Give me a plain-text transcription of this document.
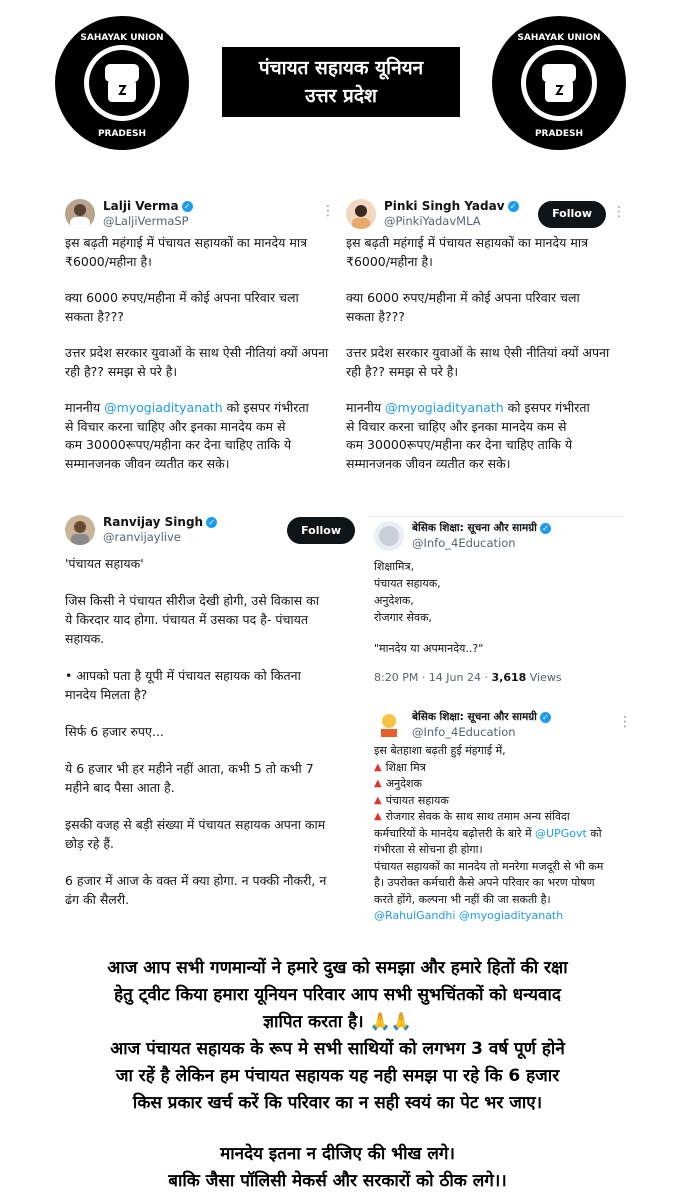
SAHAYAK UNION
PRADESH
SAHAYAK UNION
PRADESH
पंचायत सहायक यूनियन
उत्तर प्रदेश
Lalji Verma ✓
@LaljiVermaSP
⋮

इस बढ़ती महंगाई में पंचायत सहायकों का मानदेय मात्र
₹6000/महीना है।

क्या 6000 रुपए/महीना में कोई अपना परिवार चला
सकता है???

उत्तर प्रदेश सरकार युवाओं के साथ ऐसी नीतियां क्यों अपना
रही है?? समझ से परे है।

माननीय @myogiadityanath को इसपर गंभीरता
से विचार करना चाहिए और इनका मानदेय कम से
कम 30000रूपए/महीना कर देना चाहिए ताकि ये
सम्मानजनक जीवन व्यतीत कर सके।

Pinki Singh Yadav ✓
@PinkiYadavMLA
Follow	⋮

इस बढ़ती महंगाई में पंचायत सहायकों का मानदेय मात्र
₹6000/महीना है।

क्या 6000 रुपए/महीना में कोई अपना परिवार चला
सकता है???

उत्तर प्रदेश सरकार युवाओं के साथ ऐसी नीतियां क्यों अपना
रही है?? समझ से परे है।

माननीय @myogiadityanath को इसपर गंभीरता
से विचार करना चाहिए और इनका मानदेय कम से
कम 30000रूपए/महीना कर देना चाहिए ताकि ये
सम्मानजनक जीवन व्यतीत कर सके।

Ranvijay Singh ✓
@ranvijaylive	Follow

'पंचायत सहायक'

जिस किसी ने पंचायत सीरीज देखी होगी, उसे विकास का
ये किरदार याद होगा. पंचायत में उसका पद है- पंचायत
सहायक.

• आपको पता है यूपी में पंचायत सहायक को कितना
मानदेय मिलता है?

सिर्फ 6 हजार रुपए...

ये 6 हजार भी हर महीने नहीं आता, कभी 5 तो कभी 7
महीने बाद पैसा आता है.

इसकी वजह से बड़ी संख्या में पंचायत सहायक अपना काम
छोड़ रहे हैं.

6 हजार में आज के वक्त में क्या होगा. न पक्की नौकरी, न
ढंग की सैलरी.

बेसिक शिक्षा: सूचना और सामग्री ✓
@Info_4Education

शिक्षामित्र,
पंचायत सहायक,
अनुदेशक,
रोजगार सेवक,

"मानदेय या अपमानदेय..?"

8:20 PM · 14 Jun 24 · 3,618 Views
बेसिक शिक्षा: सूचना और सामग्री ✓
@Info_4Education
⋮
इस बेतहाशा बढ़ती हुई मंहगाई में,
▲ शिक्षा मित्र
▲ अनुदेशक
▲ पंचायत सहायक
▲ रोजगार सेवक के साथ साथ तमाम अन्य संविदा

कर्मचारियों के मानदेय बढ़ोत्तरी के बारे में @UPGovt को
गंभीरता से सोचना ही होगा।

पंचायत सहायकों का मानदेय तो मनरेगा मजदूरी से भी कम
है। उपरोक्त कर्मचारी कैसे अपने परिवार का भरण पोषण
करते होंगे, कल्पना भी नहीं की जा सकती है।

@RahulGandhi @myogiadityanath
आज आप सभी गणमान्यों ने हमारे दुख को समझा और हमारे हितों की रक्षा
हेतु ट्वीट किया हमारा यूनियन परिवार आप सभी सुभचिंतकों को धन्यवाद
ज्ञापित करता है। 🙏🙏
आज पंचायत सहायक के रूप मे सभी साथियों को लगभग 3 वर्ष पूर्ण होने
जा रहें है लेकिन हम पंचायत सहायक यह नही समझ पा रहे कि 6 हजार
किस प्रकार खर्च करें कि परिवार का न सही स्वयं का पेट भर जाए।
मानदेय इतना न दीजिए की भीख लगे।
बाकि जैसा पॉलिसी मेकर्स और सरकारों को ठीक लगे।।
